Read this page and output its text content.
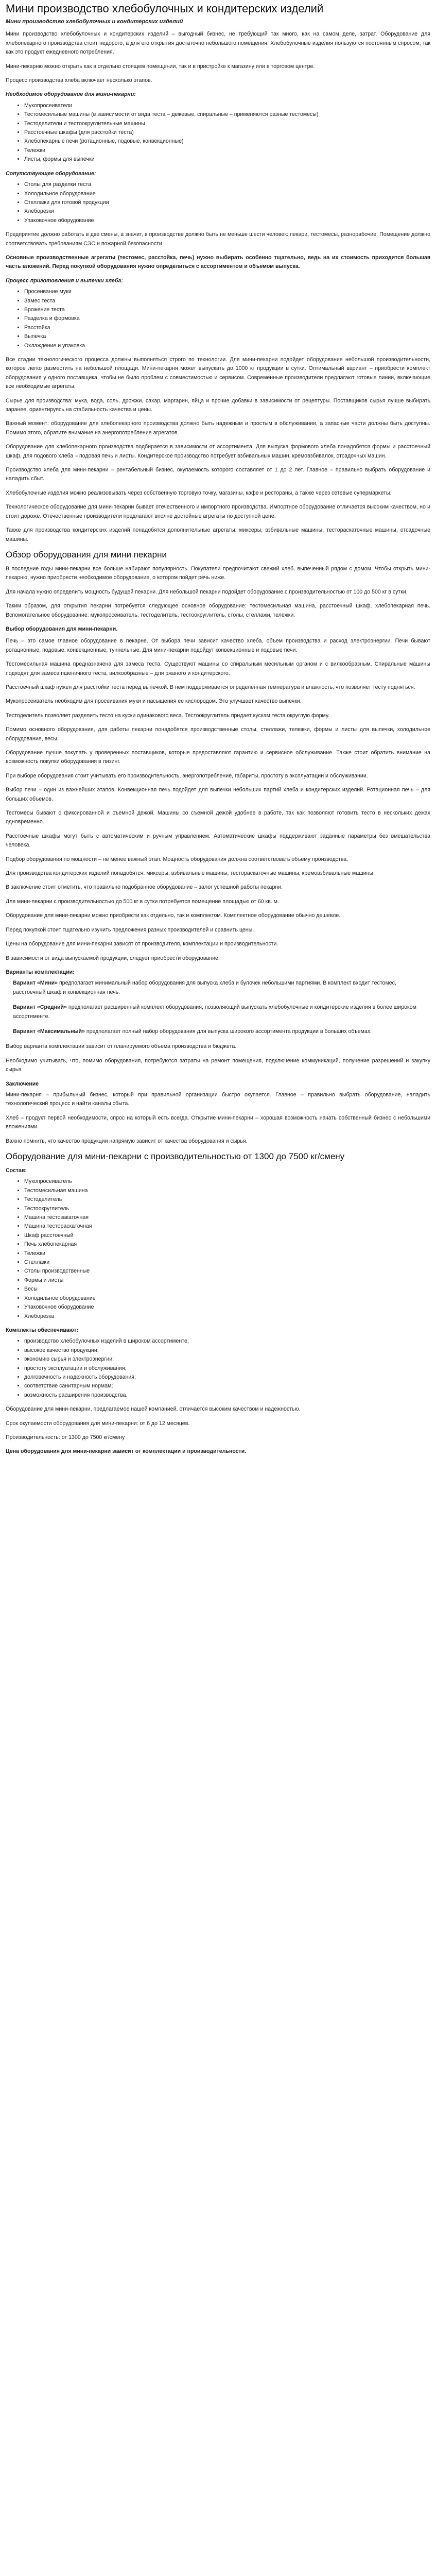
Мини производство хлебобулочных и кондитерских изделий
Мини производство хлебобулочных и кондитерских изделий

Мини производство хлебобулочных и кондитерских изделий – выгодный бизнес, не требующий так много, как на самом деле, затрат. Оборудование для хлебопекарного производства стоит недорого, а для его открытия достаточно небольшого помещения. Хлебобулочные изделия пользуются постоянным спросом, так как это продукт ежедневного потребления.

Мини-пекарню можно открыть как в отдельно стоящем помещении, так и в пристройке к магазину или в торговом центре.

Процесс производства хлеба включает несколько этапов.

Необходимое оборудование для мини-пекарни:
• Мукопросеиватели
• Тестомесильные машины (в зависимости от вида теста – дежевые, спиральные – применяются разные тестомесы)
• Тестоделители и тестоокруглительные машины
• Расстоечные шкафы (для расстойки теста)
• Хлебопекарные печи (ротационные, подовые, конвекционные)
• Тележки
• Листы, формы для выпечки
Сопутствующее оборудование:
• Столы для разделки теста
• Холодильное оборудование
• Стеллажи для готовой продукции
• Хлеборезки
• Упаковочное оборудование

Предприятие должно работать в две смены, а значит, в производстве должно быть не меньше шести человек: пекари, тестомесы, разнорабочие. Помещение должно соответствовать требованиям СЭС и пожарной безопасности.

Основные производственные агрегаты (тестомес, расстойка, печь) нужно выбирать особенно тщательно, ведь на их стоимость приходится большая часть вложений. Перед покупкой оборудования нужно определиться с ассортиментом и объемом выпуска.

Процесс приготовления и выпечки хлеба:
• Просеивание муки
• Замес теста
• Брожение теста
• Разделка и формовка
• Расстойка
• Выпечка
• Охлаждение и упаковка

Все стадии технологического процесса должны выполняться строго по технологии. Для мини-пекарни подойдет оборудование небольшой производительности, которое легко разместить на небольшой площади. Мини-пекарня может выпускать до 1000 кг продукции в сутки. Оптимальный вариант – приобрести комплект оборудования у одного поставщика, чтобы не было проблем с совместимостью и сервисом. Современные производители предлагают готовые линии, включающие все необходимые агрегаты.

Сырье для производства: мука, вода, соль, дрожжи, сахар, маргарин, яйца и прочие добавки в зависимости от рецептуры. Поставщиков сырья лучше выбирать заранее, ориентируясь на стабильность качества и цены.

Важный момент: оборудование для хлебопекарного производства должно быть надежным и простым в обслуживании, а запасные части должны быть доступны. Помимо этого, обратите внимание на энергопотребление агрегатов.

Оборудование для хлебопекарного производства подбирается в зависимости от ассортимента. Для выпуска формового хлеба понадобятся формы и расстоечный шкаф, для подового хлеба – подовая печь и листы. Кондитерское производство потребует взбивальных машин, кремовзбивалок, отсадочных машин.

Производство хлеба для мини-пекарни – рентабельный бизнес, окупаемость которого составляет от 1 до 2 лет. Главное – правильно выбрать оборудование и наладить сбыт.

Хлебобулочные изделия можно реализовывать через собственную торговую точку, магазины, кафе и рестораны, а также через сетевые супермаркеты.

Технологическое оборудование для мини-пекарни бывает отечественного и импортного производства. Импортное оборудование отличается высоким качеством, но и стоит дороже. Отечественные производители предлагают вполне достойные агрегаты по доступной цене.

Также для производства кондитерских изделий понадобятся дополнительные агрегаты: миксеры, взбивальные машины, тестораскаточные машины, отсадочные машины.

Обзор оборудования для мини пекарни

В последние годы мини-пекарни все больше набирают популярность. Покупатели предпочитают свежий хлеб, выпеченный рядом с домом. Чтобы открыть мини-пекарню, нужно приобрести необходимое оборудование, о котором пойдет речь ниже.

Для начала нужно определить мощность будущей пекарни. Для небольшой пекарни подойдет оборудование с производительностью от 100 до 500 кг в сутки.

Таким образом, для открытия пекарни потребуется следующее основное оборудование: тестомесильная машина, расстоечный шкаф, хлебопекарная печь. Вспомогательное оборудование: мукопросеиватель, тестоделитель, тестоокруглитель, столы, стеллажи, тележки.

Выбор оборудования для мини-пекарни.

Печь – это самое главное оборудование в пекарне. От выбора печи зависит качество хлеба, объем производства и расход электроэнергии. Печи бывают ротационные, подовые, конвекционные, туннельные. Для мини-пекарни подойдут конвекционные и подовые печи.

Тестомесильная машина предназначена для замеса теста. Существуют машины со спиральным месильным органом и с вилкообразным. Спиральные машины подходят для замеса пшеничного теста, вилкообразные – для ржаного и кондитерского.

Расстоечный шкаф нужен для расстойки теста перед выпечкой. В нем поддерживается определенная температура и влажность, что позволяет тесту подняться.

Мукопросеиватель необходим для просеивания муки и насыщения ее кислородом. Это улучшает качество выпечки.

Тестоделитель позволяет разделить тесто на куски одинакового веса. Тестоокруглитель придает кускам теста округлую форму.

Помимо основного оборудования, для работы пекарни понадобятся производственные столы, стеллажи, тележки, формы и листы для выпечки, холодильное оборудование, весы.

Оборудование лучше покупать у проверенных поставщиков, которые предоставляют гарантию и сервисное обслуживание. Также стоит обратить внимание на возможность покупки оборудования в лизинг.

При выборе оборудования стоит учитывать его производительность, энергопотребление, габариты, простоту в эксплуатации и обслуживании.

Выбор печи – один из важнейших этапов. Конвекционная печь подойдет для выпечки небольших партий хлеба и кондитерских изделий. Ротационная печь – для больших объемов.

Тестомесы бывают с фиксированной и съемной дежой. Машины со съемной дежой удобнее в работе, так как позволяют готовить тесто в нескольких дежах одновременно.

Расстоечные шкафы могут быть с автоматическим и ручным управлением. Автоматические шкафы поддерживают заданные параметры без вмешательства человека.

Подбор оборудования по мощности – не менее важный этап. Мощность оборудования должна соответствовать объему производства.

Для производства кондитерских изделий понадобятся: миксеры, взбивальные машины, тестораскаточные машины, кремовзбивальные машины.

В заключение стоит отметить, что правильно подобранное оборудование – залог успешной работы пекарни.

Для мини-пекарни с производительностью до 500 кг в сутки потребуется помещение площадью от 60 кв. м.

Оборудование для мини-пекарни можно приобрести как отдельно, так и комплектом. Комплектное оборудование обычно дешевле.

Перед покупкой стоит тщательно изучить предложения разных производителей и сравнить цены.

Цены на оборудование для мини-пекарни зависят от производителя, комплектации и производительности.

В зависимости от вида выпускаемой продукции, следует приобрести оборудование:

Варианты комплектации:
Вариант «Мини» предполагает минимальный набор оборудования для выпуска хлеба и булочек небольшими партиями. В комплект входит тестомес, расстоечный шкаф и конвекционная печь.
Вариант «Средний» предполагает расширенный комплект оборудования, позволяющий выпускать хлебобулочные и кондитерские изделия в более широком ассортименте.
Вариант «Максимальный» предполагает полный набор оборудования для выпуска широкого ассортимента продукции в больших объемах.

Выбор варианта комплектации зависит от планируемого объема производства и бюджета.

Необходимо учитывать, что, помимо оборудования, потребуются затраты на ремонт помещения, подключение коммуникаций, получение разрешений и закупку сырья.

Заключение

Мини-пекарня – прибыльный бизнес, который при правильной организации быстро окупается. Главное – правильно выбрать оборудование, наладить технологический процесс и найти каналы сбыта.

Хлеб – продукт первой необходимости, спрос на который есть всегда. Открытие мини-пекарни – хорошая возможность начать собственный бизнес с небольшими вложениями.

Важно помнить, что качество продукции напрямую зависит от качества оборудования и сырья.

Оборудование для мини-пекарни с производительностью от 1300 до 7500 кг/смену
Состав:
• Мукопросеиватель
• Тестомесильная машина
• Тестоделитель
• Тестоокруглитель
• Машина тестозакаточная
• Машина тестораскаточная
• Шкаф расстоечный
• Печь хлебопекарная
• Тележки
• Стеллажи
• Столы производственные
• Формы и листы
• Весы
• Холодильное оборудование
• Упаковочное оборудование
• Хлеборезка
Комплекты обеспечивают:
• производство хлебобулочных изделий в широком ассортименте;
• высокое качество продукции;
• экономию сырья и электроэнергии;
• простоту эксплуатации и обслуживания;
• долговечность и надежность оборудования;
• соответствие санитарным нормам;
• возможность расширения производства.

Оборудование для мини-пекарни, предлагаемое нашей компанией, отличается высоким качеством и надежностью.

Срок окупаемости оборудования для мини-пекарни: от 6 до 12 месяцев.

Производительность: от 1300 до 7500 кг/смену

Цена оборудования для мини-пекарни зависит от комплектации и производительности.
